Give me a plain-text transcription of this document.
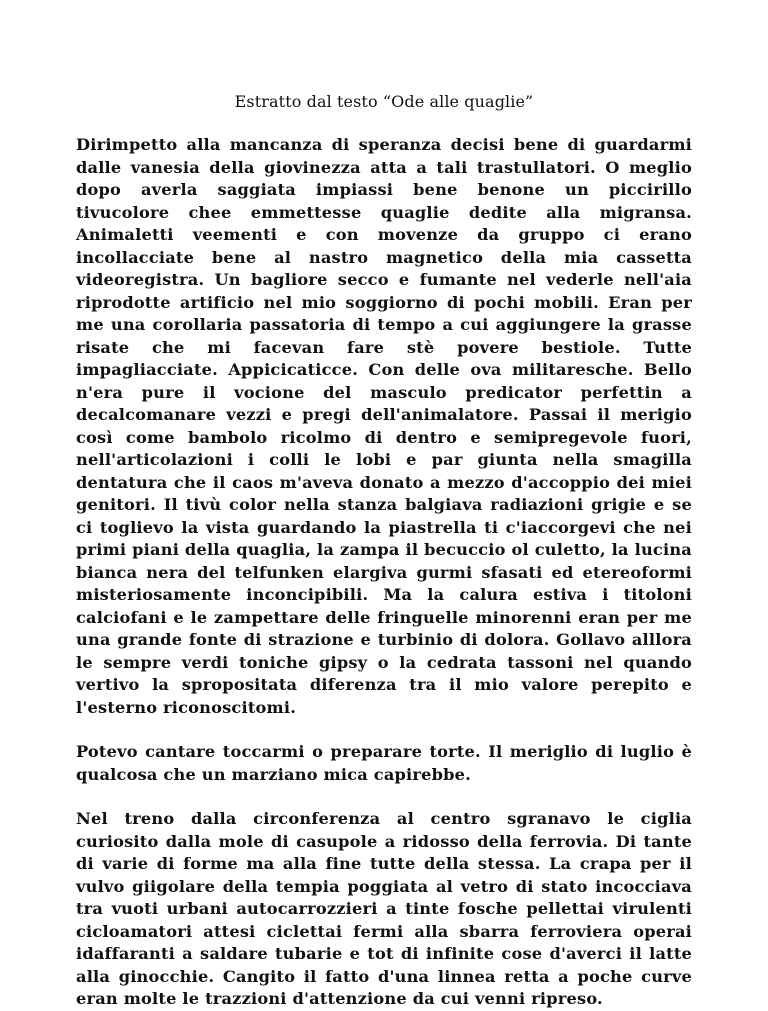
Estratto dal testo “Ode alle quaglie”

Dirimpetto alla mancanza di speranza decisi bene di guardarmi dalle vanesia della giovinezza atta a tali trastullatori. O meglio dopo averla saggiata impiassi bene benone un piccirillo tivucolore chee emmettesse quaglie dedite alla migransa. Animaletti veementi e con movenze da gruppo ci erano incollacciate bene al nastro magnetico della mia cassetta videoregistra. Un bagliore secco e fumante nel vederle nell'aia riprodotte artificio nel mio soggiorno di pochi mobili. Eran per me una corollaria passatoria di tempo a cui aggiungere la grasse risate che mi facevan fare stè povere bestiole. Tutte impagliacciate. Appicicaticce. Con delle ova militaresche. Bello n'era pure il vocione del masculo predicator perfettin a decalcomanare vezzi e pregi dell'animalatore. Passai il merigio così come bambolo ricolmo di dentro e semipregevole fuori, nell'articolazioni i colli le lobi e par giunta nella smagilla dentatura che il caos m'aveva donato a mezzo d'accoppio dei miei genitori. Il tivù color nella stanza balgiava radiazioni grigie e se ci toglievo la vista guardando la piastrella ti c'iaccorgevi che nei primi piani della quaglia, la zampa il becuccio ol culetto, la lucina bianca nera del telfunken elargiva gurmi sfasati ed etereoformi misteriosamente inconcipibili. Ma la calura estiva i titoloni calciofani e le zampettare delle fringuelle minorenni eran per me una grande fonte di strazione e turbinio di dolora. Gollavo alllora le sempre verdi toniche gipsy o la cedrata tassoni nel quando vertivo la spropositata diferenza tra il mio valore perepito e l'esterno riconoscitomi.

Potevo cantare toccarmi o preparare torte. Il meriglio di luglio è qualcosa che un marziano mica capirebbe.

Nel treno dalla circonferenza al centro sgranavo le ciglia curiosito dalla mole di casupole a ridosso della ferrovia. Di tante di varie di forme ma alla fine tutte della stessa. La crapa per il vulvo giigolare della tempia poggiata al vetro di stato incocciava tra vuoti urbani autocarrozzieri a tinte fosche pellettai virulenti cicloamatori attesi ciclettai fermi alla sbarra ferroviera operai idaffaranti a saldare tubarie e tot di infinite cose d'averci il latte alla ginocchie. Cangito il fatto d'una linnea retta a poche curve eran molte le trazzioni d'attenzione da cui venni ripreso.
